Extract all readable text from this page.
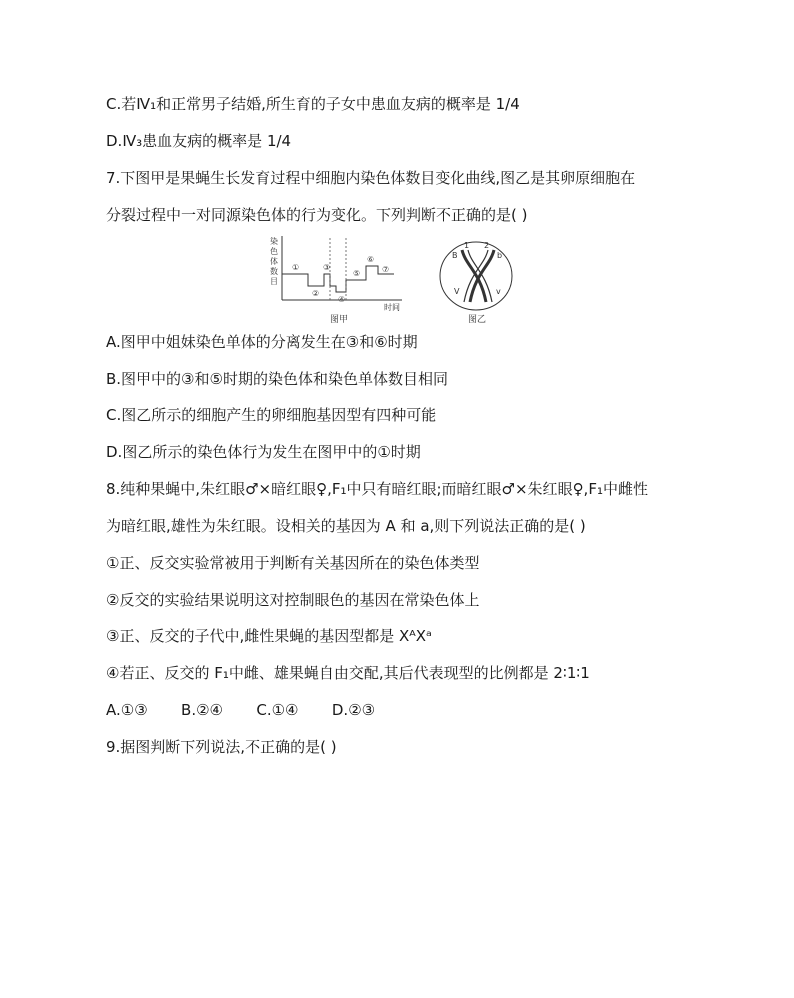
C.若Ⅳ₁和正常男子结婚,所生育的子女中患血友病的概率是 1/4
D.Ⅳ₃患血友病的概率是 1/4
7.下图甲是果蝇生长发育过程中细胞内染色体数目变化曲线,图乙是其卵原细胞在
分裂过程中一对同源染色体的行为变化。下列判断不正确的是( )
染
色
体
数
目
①
②
③
④
⑤
⑥
⑦
时间
图甲
1 2
B	b
V	v
图乙
A.图甲中姐妹染色单体的分离发生在③和⑥时期
B.图甲中的③和⑤时期的染色体和染色单体数目相同
C.图乙所示的细胞产生的卵细胞基因型有四种可能
D.图乙所示的染色体行为发生在图甲中的①时期
8.纯种果蝇中,朱红眼♂×暗红眼♀,F₁中只有暗红眼;而暗红眼♂×朱红眼♀,F₁中雌性
为暗红眼,雄性为朱红眼。设相关的基因为 A 和 a,则下列说法正确的是( )
①正、反交实验常被用于判断有关基因所在的染色体类型
②反交的实验结果说明这对控制眼色的基因在常染色体上
③正、反交的子代中,雌性果蝇的基因型都是 XᴬXᵃ
④若正、反交的 F₁中雌、雄果蝇自由交配,其后代表现型的比例都是 2∶1∶1
A.①③       B.②④       C.①④       D.②③
9.据图判断下列说法,不正确的是( )
